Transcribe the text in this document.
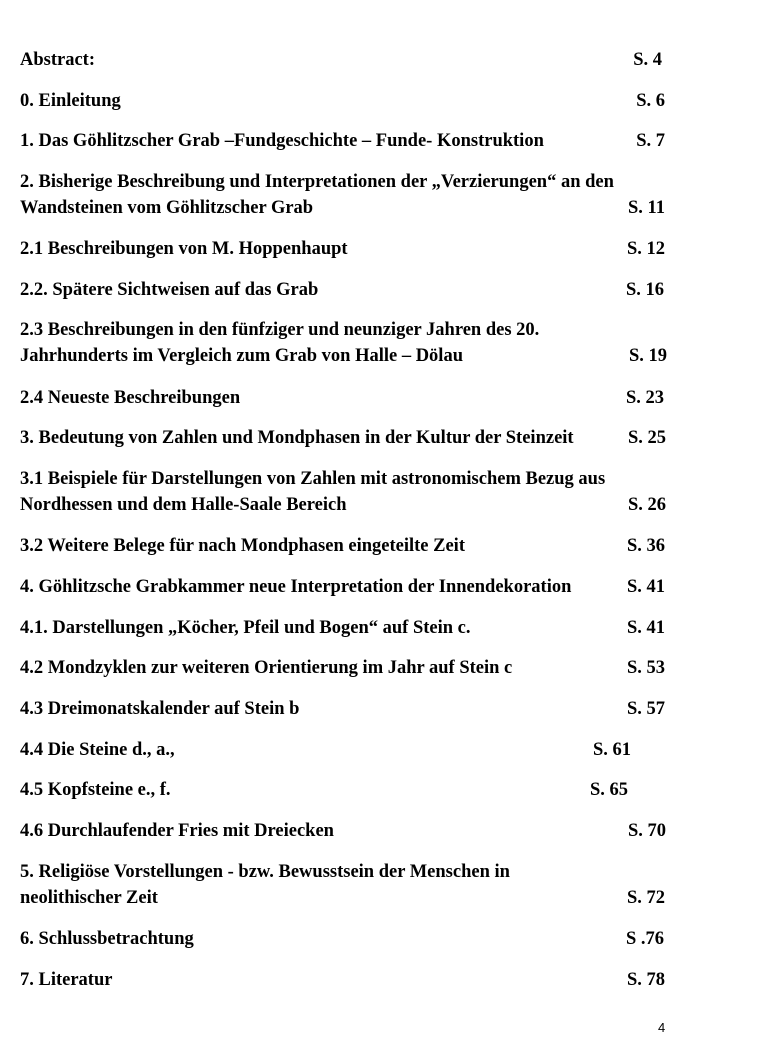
Abstract:	S. 4
0. Einleitung	S. 6
1. Das Göhlitzscher Grab –Fundgeschichte – Funde- Konstruktion	S. 7
2. Bisherige Beschreibung und Interpretationen der „Verzierungen“ an den
Wandsteinen vom Göhlitzscher Grab	S. 11
2.1 Beschreibungen von M. Hoppenhaupt	S. 12
2.2. Spätere Sichtweisen auf das Grab	S. 16
2.3 Beschreibungen in den fünfziger und neunziger Jahren des 20.
Jahrhunderts im Vergleich zum Grab von Halle – Dölau	S. 19
2.4 Neueste Beschreibungen	S. 23
3. Bedeutung von Zahlen und Mondphasen in der Kultur der Steinzeit	S. 25
3.1 Beispiele für Darstellungen von Zahlen mit astronomischem Bezug aus
Nordhessen und dem Halle-Saale Bereich	S. 26
3.2 Weitere Belege für nach Mondphasen eingeteilte Zeit	S. 36
4. Göhlitzsche Grabkammer neue Interpretation der Innendekoration	S. 41
4.1. Darstellungen „Köcher, Pfeil und Bogen“ auf Stein c.	S. 41
4.2 Mondzyklen zur weiteren Orientierung im Jahr auf Stein c	S. 53
4.3 Dreimonatskalender auf Stein b	S. 57
4.4 Die Steine d., a.,	S. 61
4.5 Kopfsteine e., f.	S. 65
4.6 Durchlaufender Fries mit Dreiecken	S. 70
5. Religiöse Vorstellungen - bzw. Bewusstsein der Menschen in
neolithischer Zeit	S. 72
6. Schlussbetrachtung	S .76
7. Literatur	S. 78
4
